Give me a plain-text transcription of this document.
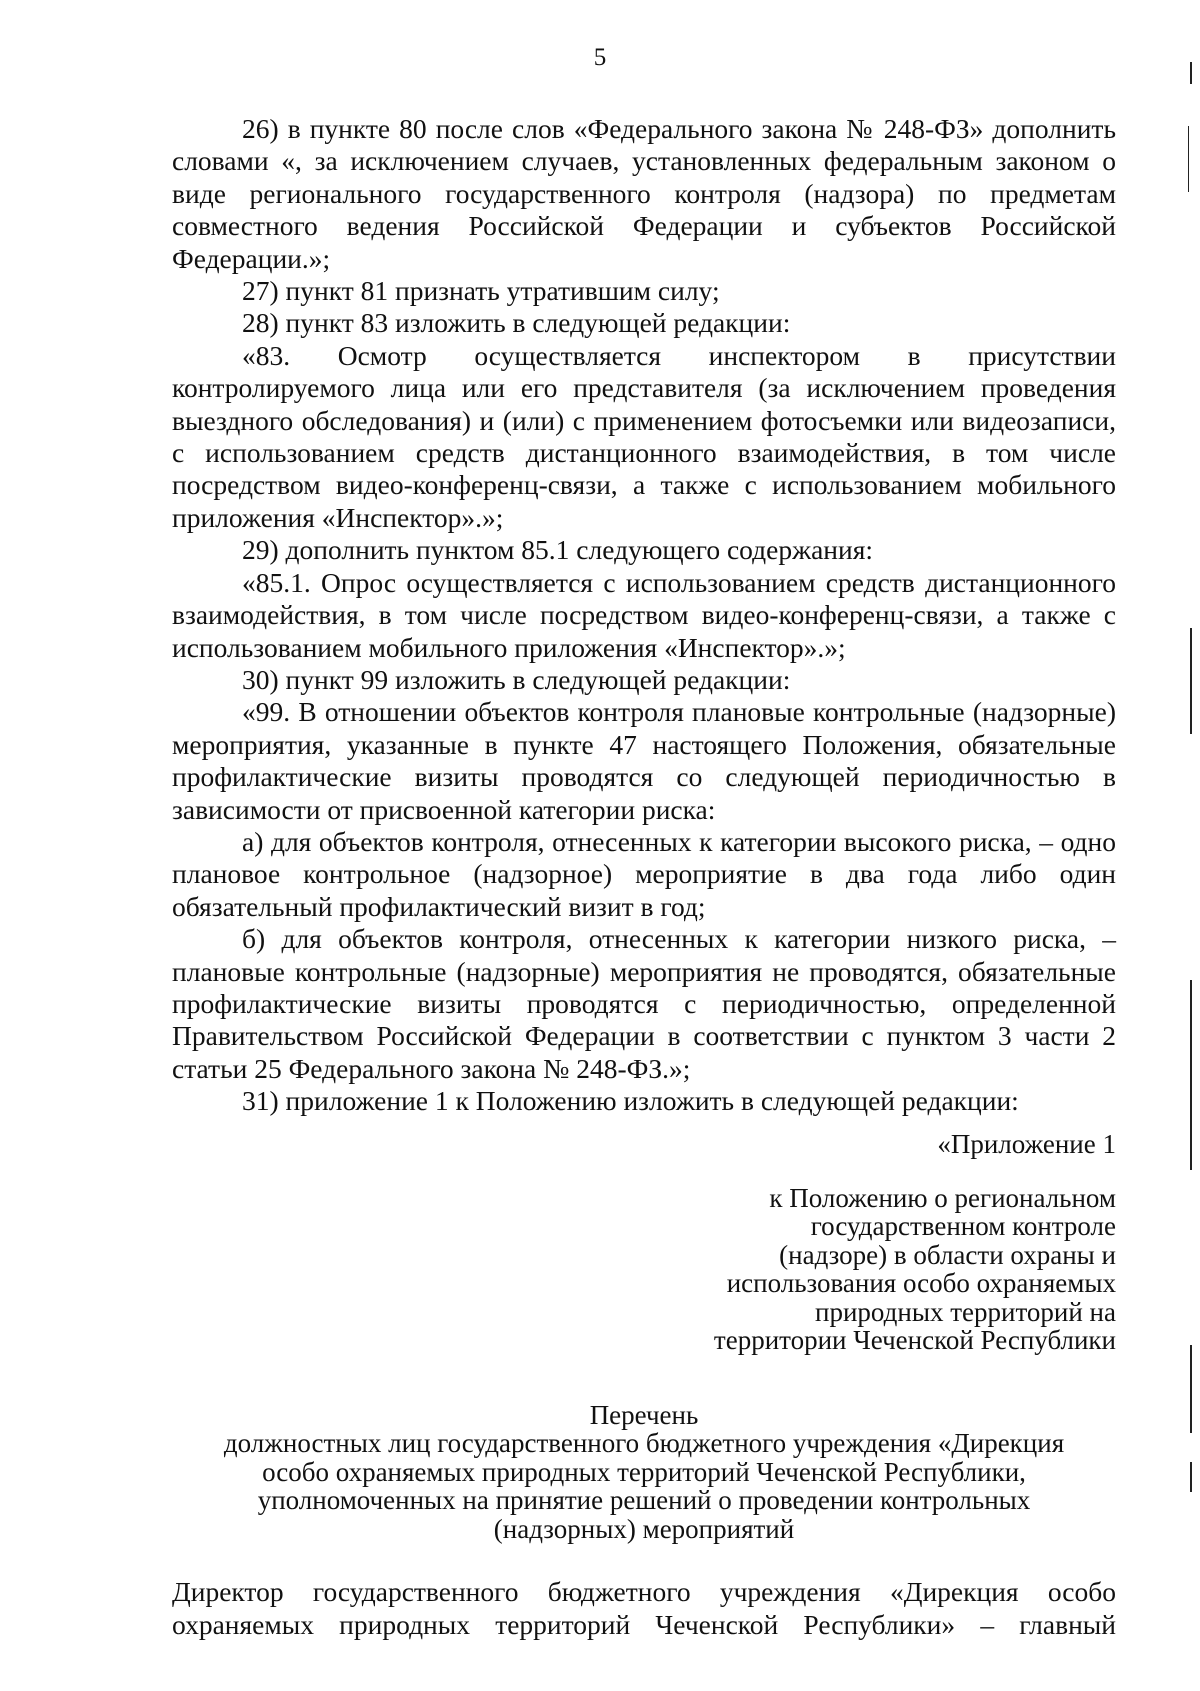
5

26) в пункте 80 после слов «Федерального закона № 248-ФЗ» дополнить словами «, за исключением случаев, установленных федеральным законом о виде регионального государственного контроля (надзора) по предметам совместного ведения Российской Федерации и субъектов Российской Федерации.»;

27) пункт 81 признать утратившим силу;

28) пункт 83 изложить в следующей редакции:

«83. Осмотр осуществляется инспектором в присутствии контролируемого лица или его представителя (за исключением проведения выездного обследования) и (или) с применением фотосъемки или видеозаписи, с использованием средств дистанционного взаимодействия, в том числе посредством видео-конференц-связи, а также с использованием мобильного приложения «Инспектор».»;

29) дополнить пунктом 85.1 следующего содержания:

«85.1. Опрос осуществляется с использованием средств дистанционного взаимодействия, в том числе посредством видео-конференц-связи, а также с использованием мобильного приложения «Инспектор».»;

30) пункт 99 изложить в следующей редакции:

«99. В отношении объектов контроля плановые контрольные (надзорные) мероприятия, указанные в пункте 47 настоящего Положения, обязательные профилактические визиты проводятся со следующей периодичностью в зависимости от присвоенной категории риска:

а) для объектов контроля, отнесенных к категории высокого риска, – одно плановое контрольное (надзорное) мероприятие в два года либо один обязательный профилактический визит в год;

б) для объектов контроля, отнесенных к категории низкого риска, – плановые контрольные (надзорные) мероприятия не проводятся, обязательные профилактические визиты проводятся с периодичностью, определенной Правительством Российской Федерации в соответствии с пунктом 3 части 2 статьи 25 Федерального закона № 248-ФЗ.»;

31) приложение 1 к Положению изложить в следующей редакции:

«Приложение 1
к Положению о региональном
государственном контроле
(надзоре) в области охраны и
использования особо охраняемых
природных территорий на
территории Чеченской Республики
Перечень
должностных лиц государственного бюджетного учреждения «Дирекция
особо охраняемых природных территорий Чеченской Республики,
уполномоченных на принятие решений о проведении контрольных
(надзорных) мероприятий
Директор государственного бюджетного учреждения «Дирекция особо
охраняемых природных территорий Чеченской Республики» – главный
